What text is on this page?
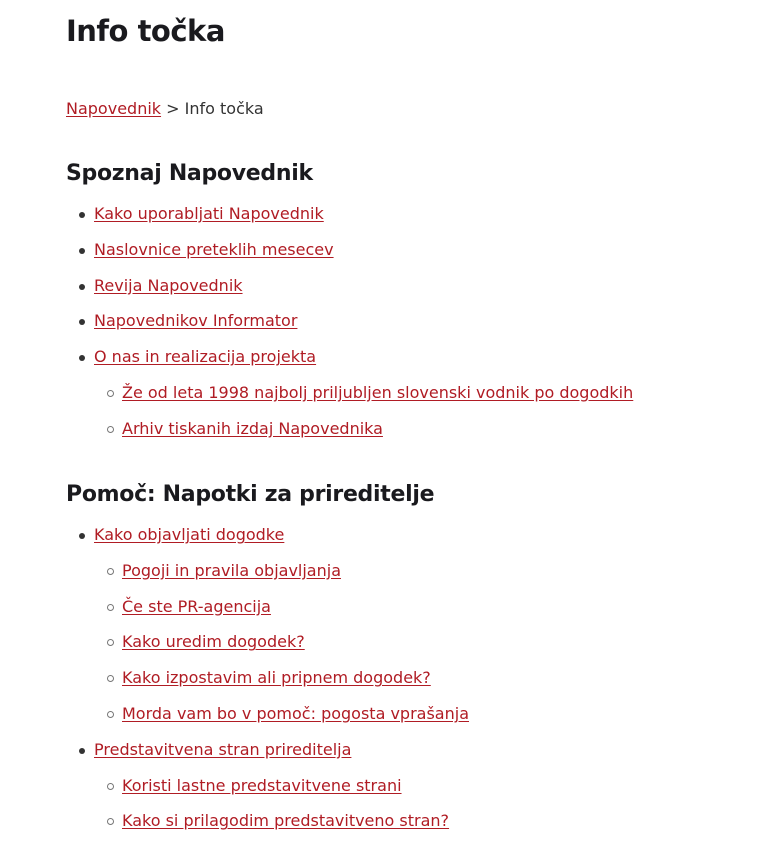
Info točka
Napovednik > Info točka
Spoznaj Napovednik
Kako uporabljati Napovednik
Naslovnice preteklih mesecev
Revija Napovednik
Napovednikov Informator
O nas in realizacija projekta
Že od leta 1998 najbolj priljubljen slovenski vodnik po dogodkih
Arhiv tiskanih izdaj Napovednika
Pomoč: Napotki za prireditelje
Kako objavljati dogodke
Pogoji in pravila objavljanja
Če ste PR-agencija
Kako uredim dogodek?
Kako izpostavim ali pripnem dogodek?
Morda vam bo v pomoč: pogosta vprašanja
Predstavitvena stran prireditelja
Koristi lastne predstavitvene strani
Kako si prilagodim predstavitveno stran?
